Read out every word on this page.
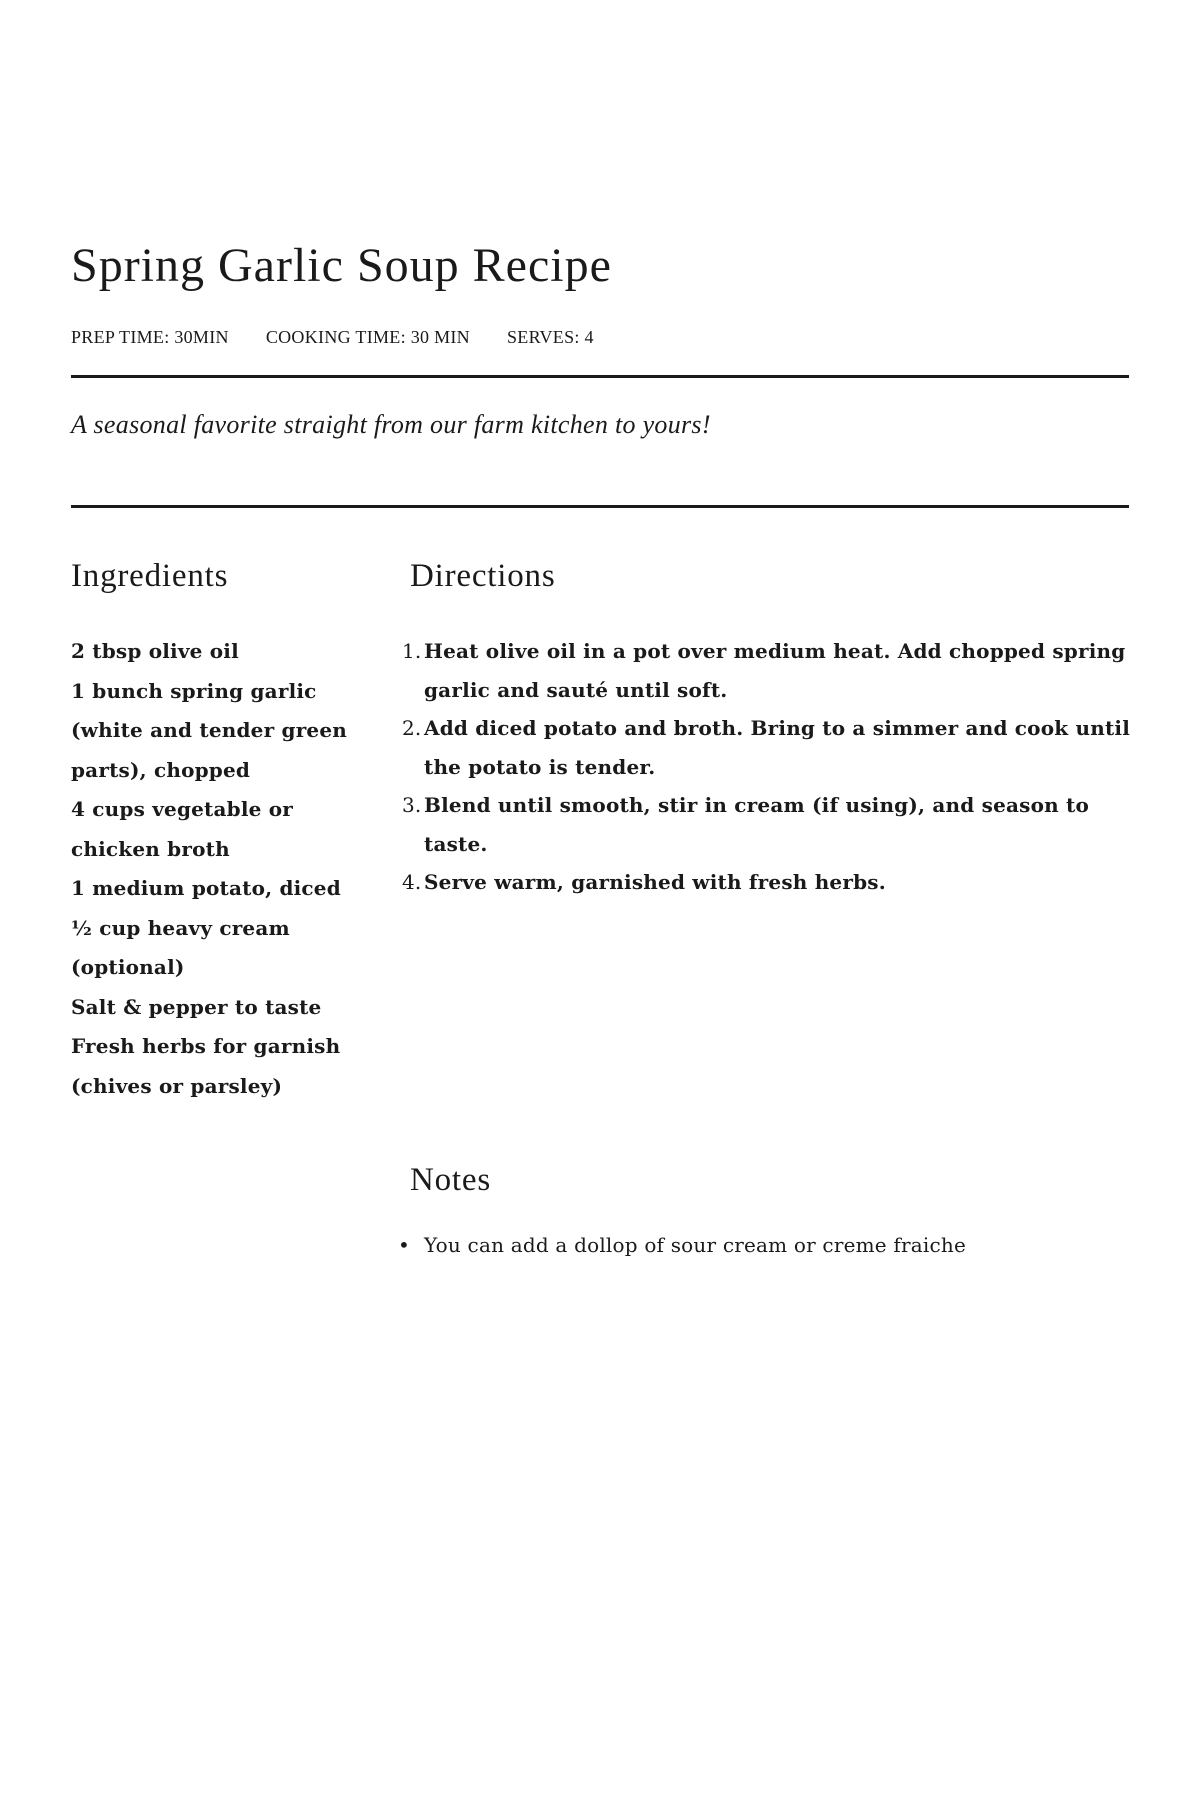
Spring Garlic Soup Recipe
PREP TIME: 30MIN COOKING TIME: 30 MIN SERVES: 4

A seasonal favorite straight from our farm kitchen to yours!

Ingredients
2 tbsp olive oil
1 bunch spring garlic (white and tender green parts), chopped
4 cups vegetable or chicken broth
1 medium potato, diced
½ cup heavy cream (optional)
Salt & pepper to taste
Fresh herbs for garnish (chives or parsley)
Directions
1. Heat olive oil in a pot over medium heat. Add chopped spring garlic and sauté until soft.
2. Add diced potato and broth. Bring to a simmer and cook until the potato is tender.
3. Blend until smooth, stir in cream (if using), and season to taste.
4. Serve warm, garnished with fresh herbs.
Notes
• You can add a dollop of sour cream or creme fraiche
